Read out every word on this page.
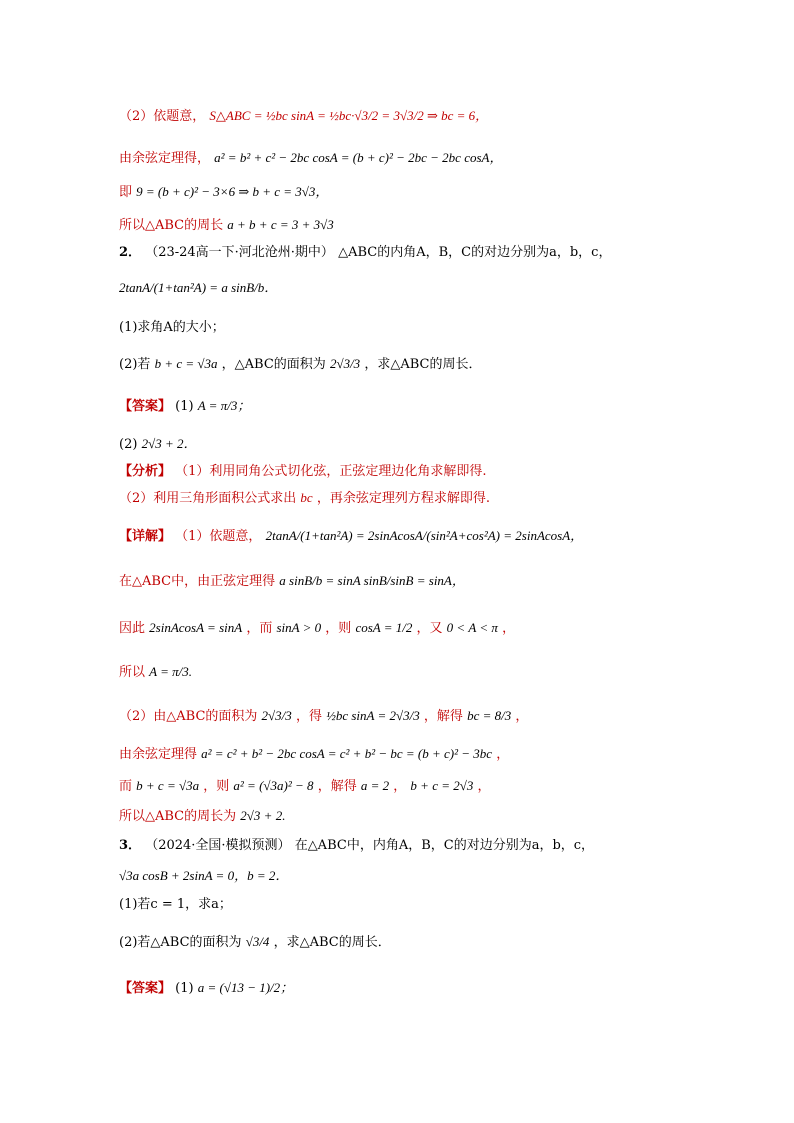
（2）依题意， S△ABC = ½bc sinA = ½bc·√3/2 = 3√3/2 ⇒ bc = 6，
由余弦定理得， a² = b² + c² − 2bc cosA = (b + c)² − 2bc − 2bc cosA，
即 9 = (b + c)² − 3×6 ⇒ b + c = 3√3，
所以△ABC的周长 a + b + c = 3 + 3√3
2． （23-24高一下·河北沧州·期中） △ABC的内角A，B，C的对边分别为a，b，c，
2tanA/(1+tan²A) = a sinB/b．
(1)求角A的大小；
(2)若 b + c = √3a ，△ABC的面积为 2√3/3 ，求△ABC的周长．
【答案】 (1) A = π/3；
(2) 2√3 + 2．
【分析】 （1）利用同角公式切化弦，正弦定理边化角求解即得.
（2）利用三角形面积公式求出 bc ，再余弦定理列方程求解即得.
【详解】 （1）依题意， 2tanA/(1+tan²A) = 2sinAcosA/(sin²A+cos²A) = 2sinAcosA，
在△ABC中，由正弦定理得 a sinB/b = sinA sinB/sinB = sinA，
因此 2sinAcosA = sinA ，而 sinA > 0 ，则 cosA = 1/2 ，又 0 < A < π ，
所以 A = π/3.
（2）由△ABC的面积为 2√3/3 ，得 ½bc sinA = 2√3/3 ，解得 bc = 8/3 ，
由余弦定理得 a² = c² + b² − 2bc cosA = c² + b² − bc = (b + c)² − 3bc ，
而 b + c = √3a ，则 a² = (√3a)² − 8 ，解得 a = 2 ， b + c = 2√3 ，
所以△ABC的周长为 2√3 + 2.
3． （2024·全国·模拟预测） 在△ABC中，内角A，B，C的对边分别为a，b，c，
√3a cosB + 2sinA = 0，b = 2．
(1)若c = 1，求a；
(2)若△ABC的面积为 √3/4 ，求△ABC的周长．
【答案】 (1) a = (√13 − 1)/2；
